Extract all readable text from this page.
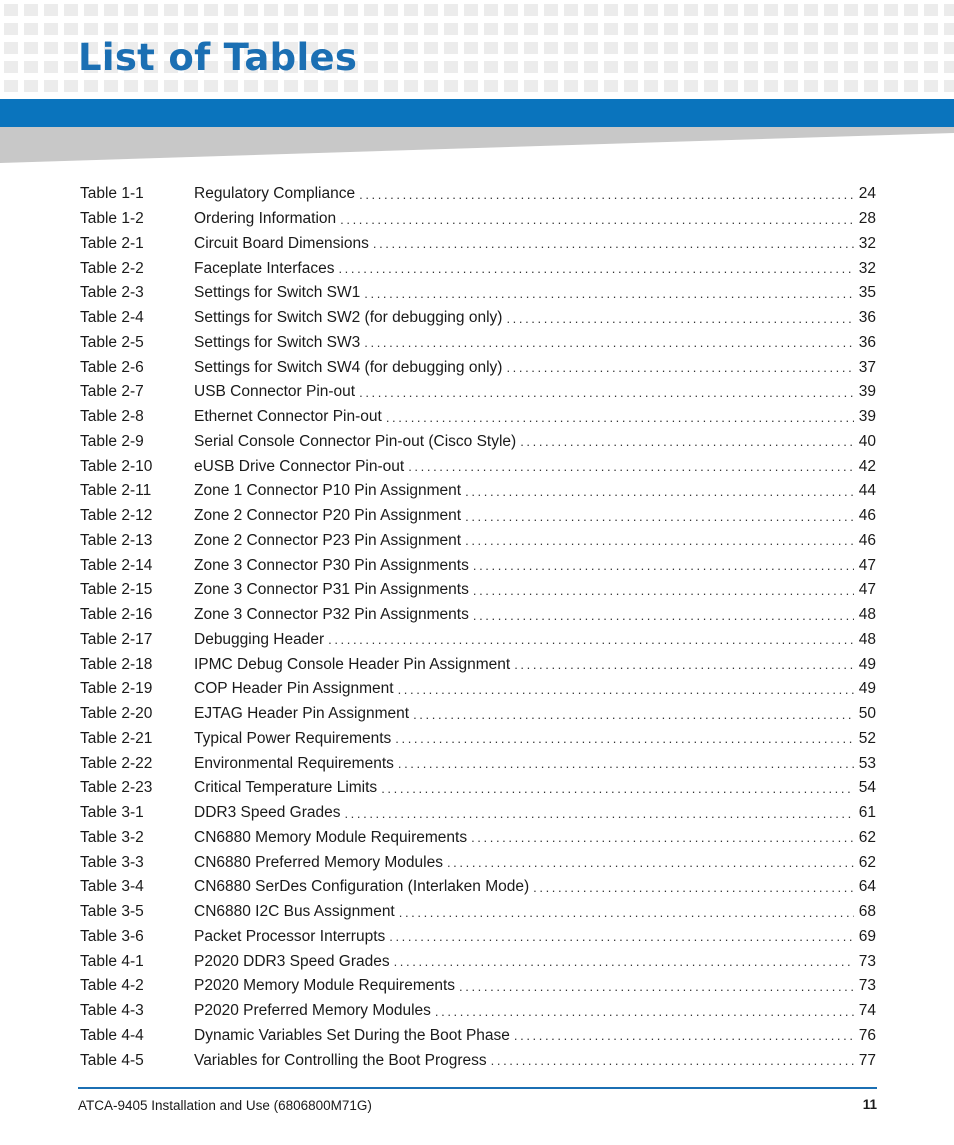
List of Tables
Table 1-1	Regulatory Compliance .....	24
Table 1-2	Ordering Information .....	28
Table 2-1	Circuit Board Dimensions .....	32
Table 2-2	Faceplate Interfaces .....	32
Table 2-3	Settings for Switch SW1 .....	35
Table 2-4	Settings for Switch SW2 (for debugging only) .....	36
Table 2-5	Settings for Switch SW3 .....	36
Table 2-6	Settings for Switch SW4 (for debugging only) .....	37
Table 2-7	USB Connector Pin-out .....	39
Table 2-8	Ethernet Connector Pin-out .....	39
Table 2-9	Serial Console Connector Pin-out (Cisco Style) .....	40
Table 2-10	eUSB Drive Connector Pin-out .....	42
Table 2-11	Zone 1 Connector P10 Pin Assignment .....	44
Table 2-12	Zone 2 Connector P20 Pin Assignment .....	46
Table 2-13	Zone 2 Connector P23 Pin Assignment .....	46
Table 2-14	Zone 3 Connector P30 Pin Assignments .....	47
Table 2-15	Zone 3 Connector P31 Pin Assignments .....	47
Table 2-16	Zone 3 Connector P32 Pin Assignments .....	48
Table 2-17	Debugging Header .....	48
Table 2-18	IPMC Debug Console Header Pin Assignment .....	49
Table 2-19	COP Header Pin Assignment .....	49
Table 2-20	EJTAG Header Pin Assignment .....	50
Table 2-21	Typical Power Requirements .....	52
Table 2-22	Environmental Requirements .....	53
Table 2-23	Critical Temperature Limits .....	54
Table 3-1	DDR3 Speed Grades .....	61
Table 3-2	CN6880 Memory Module Requirements .....	62
Table 3-3	CN6880 Preferred Memory Modules .....	62
Table 3-4	CN6880 SerDes Configuration (Interlaken Mode) .....	64
Table 3-5	CN6880 I2C Bus Assignment .....	68
Table 3-6	Packet Processor Interrupts .....	69
Table 4-1	P2020 DDR3 Speed Grades .....	73
Table 4-2	P2020 Memory Module Requirements .....	73
Table 4-3	P2020 Preferred Memory Modules .....	74
Table 4-4	Dynamic Variables Set During the Boot Phase .....	76
Table 4-5	Variables for Controlling the Boot Progress .....	77
ATCA-9405 Installation and Use (6806800M71G)	11
